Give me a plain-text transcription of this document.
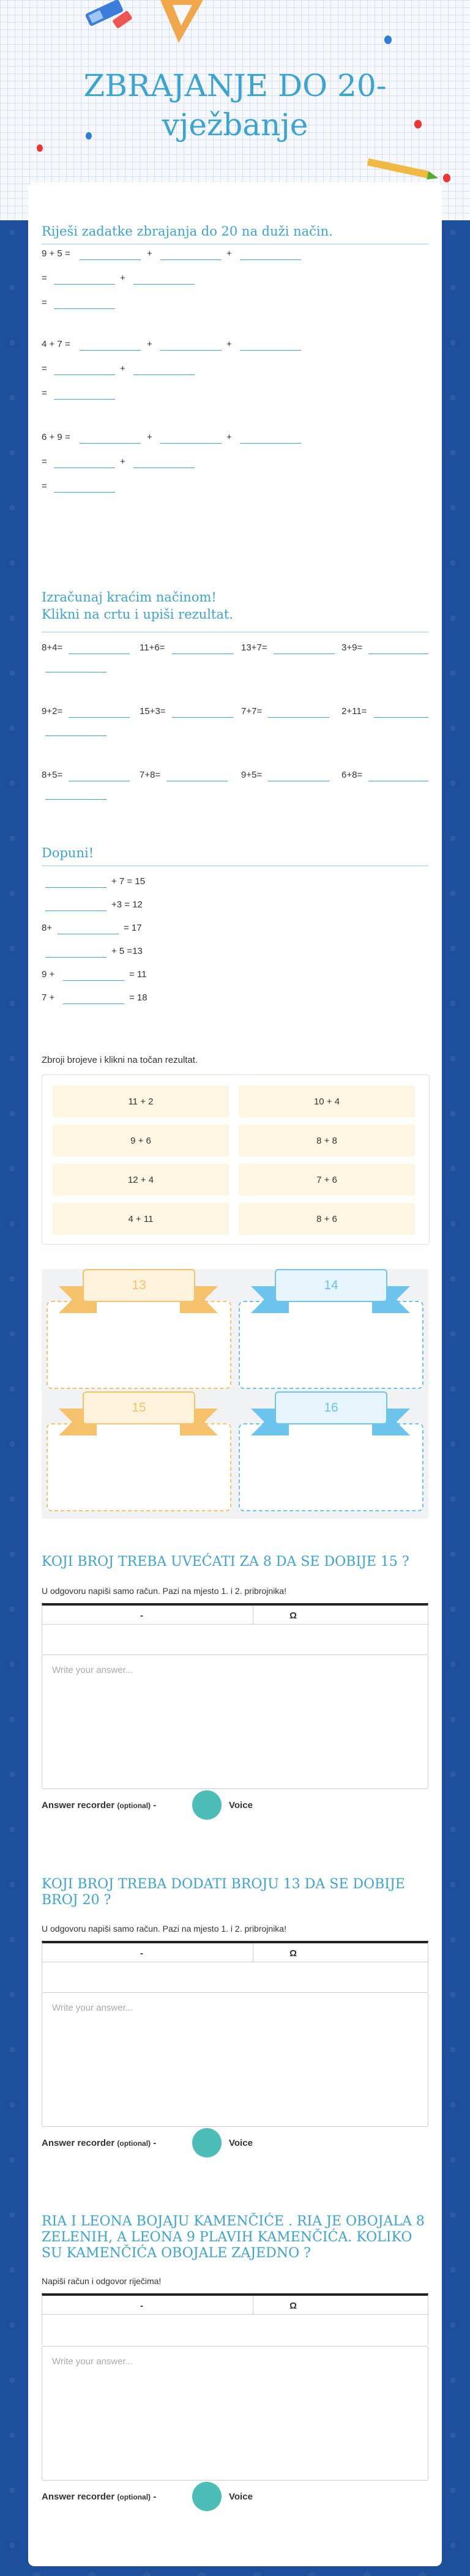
ZBRAJANJE DO 20-
vježbanje
Riješi zadatke zbrajanja do 20 na duži način.
Izračunaj kraćim načinom!
Klikni na crtu i upiši rezultat.
Dopuni!
Zbroji brojeve i klikni na točan rezultat.
9 + 5 =	+	+
=	+
=
4 + 7 =	+	+
=	+
=
6 + 9 =	+	+
=	+
=
8+4=	11+6=	13+7=	3+9=
9+2=	15+3=	7+7=	2+11=
8+5=	7+8=	9+5=	6+8=
+ 7 = 15
+3 = 12
8+	= 17
+ 5 =13
9 +	= 11
7 +	= 18
11 + 2	10 + 4
9 + 6	8 + 8
12 + 4	7 + 6
4 + 11	8 + 6
13	14
15	16
KOJI BROJ TREBA UVEĆATI ZA 8 DA SE DOBIJE 15 ?
U odgovoru napiši samo račun. Pazi na mjesto 1. i 2. pribrojnika!
-	Ω
Write your answer...
Answer recorder (optional) -	Voice
KOJI BROJ TREBA DODATI BROJU 13 DA SE DOBIJE BROJ 20 ?
U odgovoru napiši samo račun. Pazi na mjesto 1. i 2. pribrojnika!
-	Ω
Write your answer...
Answer recorder (optional) -	Voice
RIA I LEONA BOJAJU KAMENČIĆE . RIA JE OBOJALA 8 ZELENIH, A LEONA 9 PLAVIH KAMENČIĆA. KOLIKO SU KAMENČIĆA OBOJALE ZAJEDNO ?
Napiši račun i odgovor riječima!
-	Ω
Write your answer...
Answer recorder (optional) -	Voice
